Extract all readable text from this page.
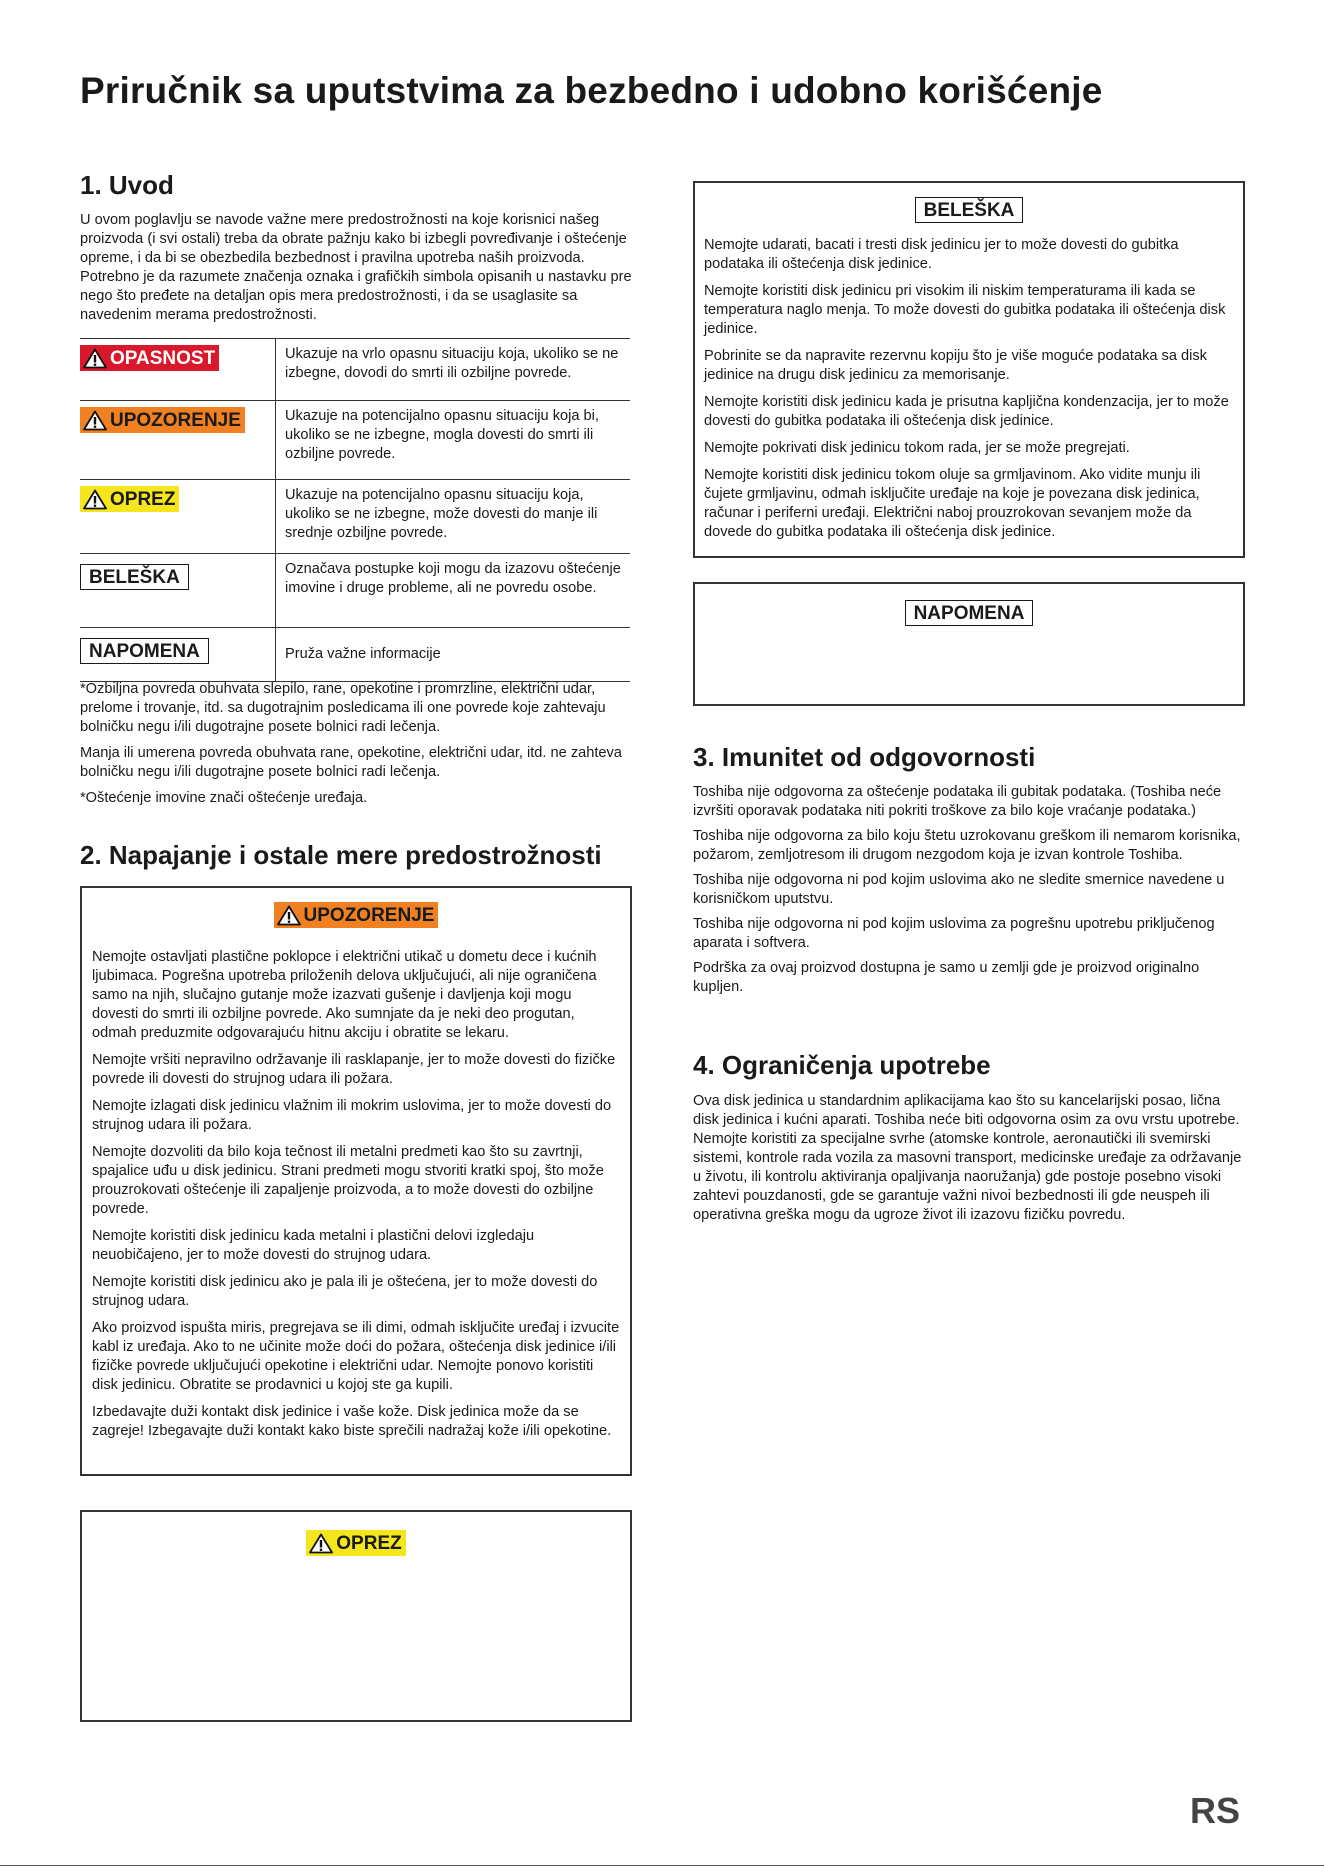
Priručnik sa uputstvima za bezbedno i udobno korišćenje
1. Uvod

U ovom poglavlju se navode važne mere predostrožnosti na koje korisnici našeg proizvoda (i svi ostali) treba da obrate pažnju kako bi izbegli povređivanje i oštećenje opreme, i da bi se obezbedila bezbednost i pravilna upotreba naših proizvoda. Potrebno je da razumete značenja oznaka i grafičkih simbola opisanih u nastavku pre nego što pređete na detaljan opis mera predostrožnosti, i da se usaglasite sa navedenim merama predostrožnosti.

OPASNOST	Ukazuje na vrlo opasnu situaciju koja, ukoliko se ne izbegne, dovodi do smrti ili ozbiljne povrede.

UPOZORENJE	Ukazuje na potencijalno opasnu situaciju koja bi, ukoliko se ne izbegne, mogla dovesti do smrti ili ozbiljne povrede.

OPREZ	Ukazuje na potencijalno opasnu situaciju koja, ukoliko se ne izbegne, može dovesti do manje ili srednje ozbiljne povrede.

BELEŠKA	Označava postupke koji mogu da izazovu oštećenje imovine i druge probleme, ali ne povredu osobe.

NAPOMENA	Pruža važne informacije

*Ozbiljna povreda obuhvata slepilo, rane, opekotine i promrzline, električni udar, prelome i trovanje, itd. sa dugotrajnim posledicama ili one povrede koje zahtevaju bolničku negu i/ili dugotrajne posete bolnici radi lečenja.

Manja ili umerena povreda obuhvata rane, opekotine, električni udar, itd. ne zahteva bolničku negu i/ili dugotrajne posete bolnici radi lečenja.

*Oštećenje imovine znači oštećenje uređaja.

2. Napajanje i ostale mere predostrožnosti
UPOZORENJE

Nemojte ostavljati plastične poklopce i električni utikač u dometu dece i kućnih ljubimaca. Pogrešna upotreba priloženih delova uključujući, ali nije ograničena samo na njih, slučajno gutanje može izazvati gušenje i davljenja koji mogu dovesti do smrti ili ozbiljne povrede. Ako sumnjate da je neki deo progutan, odmah preduzmite odgovarajuću hitnu akciju i obratite se lekaru.

Nemojte vršiti nepravilno održavanje ili rasklapanje, jer to može dovesti do fizičke povrede ili dovesti do strujnog udara ili požara.

Nemojte izlagati disk jedinicu vlažnim ili mokrim uslovima, jer to može dovesti do strujnog udara ili požara.

Nemojte dozvoliti da bilo koja tečnost ili metalni predmeti kao što su zavrtnji, spajalice uđu u disk jedinicu. Strani predmeti mogu stvoriti kratki spoj, što može prouzrokovati oštećenje ili zapaljenje proizvoda, a to može dovesti do ozbiljne povrede.

Nemojte koristiti disk jedinicu kada metalni i plastični delovi izgledaju neuobičajeno, jer to može dovesti do strujnog udara.

Nemojte koristiti disk jedinicu ako je pala ili je oštećena, jer to može dovesti do strujnog udara.

Ako proizvod ispušta miris, pregrejava se ili dimi, odmah isključite uređaj i izvucite kabl iz uređaja. Ako to ne učinite može doći do požara, oštećenja disk jedinice i/ili fizičke povrede uključujući opekotine i električni udar. Nemojte ponovo koristiti disk jedinicu. Obratite se prodavnici u kojoj ste ga kupili.

Izbedavajte duži kontakt disk jedinice i vaše kože. Disk jedinica može da se zagreje! Izbegavajte duži kontakt kako biste sprečili nadražaj kože i/ili opekotine.

OPREZ
BELEŠKA

Nemojte udarati, bacati i tresti disk jedinicu jer to može dovesti do gubitka podataka ili oštećenja disk jedinice.

Nemojte koristiti disk jedinicu pri visokim ili niskim temperaturama ili kada se temperatura naglo menja. To može dovesti do gubitka podataka ili oštećenja disk jedinice.

Pobrinite se da napravite rezervnu kopiju što je više moguće podataka sa disk jedinice na drugu disk jedinicu za memorisanje.

Nemojte koristiti disk jedinicu kada je prisutna kapljična kondenzacija, jer to može dovesti do gubitka podataka ili oštećenja disk jedinice.

Nemojte pokrivati disk jedinicu tokom rada, jer se može pregrejati.

Nemojte koristiti disk jedinicu tokom oluje sa grmljavinom. Ako vidite munju ili čujete grmljavinu, odmah isključite uređaje na koje je povezana disk jedinica, računar i periferni uređaji. Električni naboj prouzrokovan sevanjem može da dovede do gubitka podataka ili oštećenja disk jedinice.

NAPOMENA
3. Imunitet od odgovornosti

Toshiba nije odgovorna za oštećenje podataka ili gubitak podataka. (Toshiba neće izvršiti oporavak podataka niti pokriti troškove za bilo koje vraćanje podataka.)

Toshiba nije odgovorna za bilo koju štetu uzrokovanu greškom ili nemarom korisnika, požarom, zemljotresom ili drugom nezgodom koja je izvan kontrole Toshiba.

Toshiba nije odgovorna ni pod kojim uslovima ako ne sledite smernice navedene u korisničkom uputstvu.

Toshiba nije odgovorna ni pod kojim uslovima za pogrešnu upotrebu priključenog aparata i softvera.

Podrška za ovaj proizvod dostupna je samo u zemlji gde je proizvod originalno kupljen.

4. Ograničenja upotrebe

Ova disk jedinica u standardnim aplikacijama kao što su kancelarijski posao, lična disk jedinica i kućni aparati. Toshiba neće biti odgovorna osim za ovu vrstu upotrebe. Nemojte koristiti za specijalne svrhe (atomske kontrole, aeronautički ili svemirski sistemi, kontrole rada vozila za masovni transport, medicinske uređaje za održavanje u životu, ili kontrolu aktiviranja opaljivanja naoružanja) gde postoje posebno visoki zahtevi pouzdanosti, gde se garantuje važni nivoi bezbednosti ili gde neuspeh ili operativna greška mogu da ugroze život ili izazovu fizičku povredu.

RS
